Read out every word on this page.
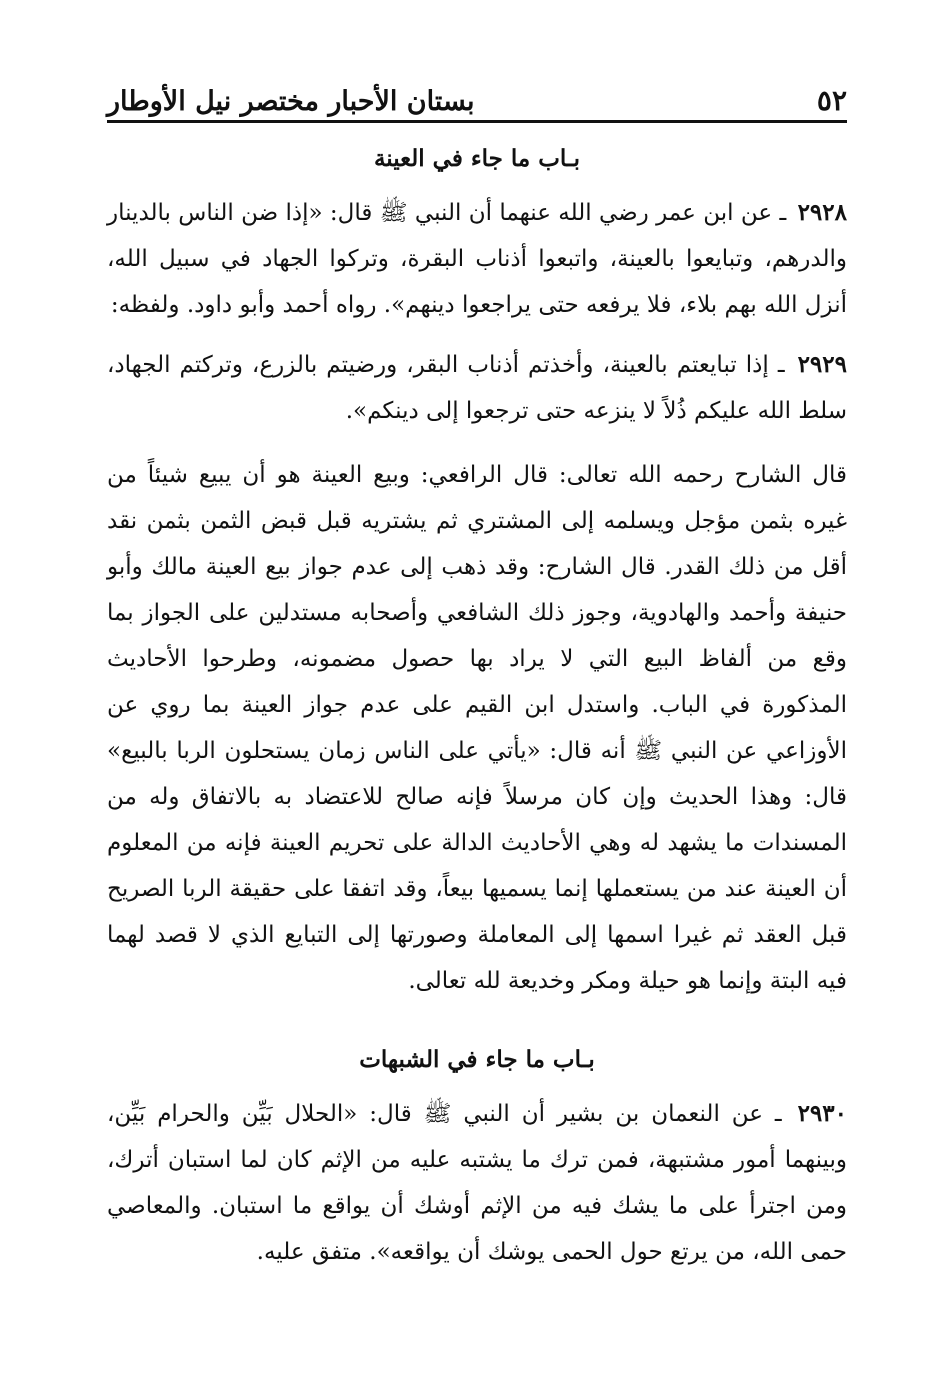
٥٢
بستان الأحبار مختصر نيل الأوطار
بـاب ما جاء في العينة

٢٩٢٨ ـ عن ابن عمر رضي الله عنهما أن النبي ﷺ قال: «إذا ضن الناس بالدينار والدرهم، وتبايعوا بالعينة، واتبعوا أذناب البقرة، وتركوا الجهاد في سبيل الله، أنزل الله بهم بلاء، فلا يرفعه حتى يراجعوا دينهم». رواه أحمد وأبو داود. ولفظه:

٢٩٢٩ ـ إذا تبايعتم بالعينة، وأخذتم أذناب البقر، ورضيتم بالزرع، وتركتم الجهاد، سلط الله عليكم ذُلاً لا ينزعه حتى ترجعوا إلى دينكم».

قال الشارح رحمه الله تعالى: قال الرافعي: وبيع العينة هو أن يبيع شيئاً من غيره بثمن مؤجل ويسلمه إلى المشتري ثم يشتريه قبل قبض الثمن بثمن نقد أقل من ذلك القدر. قال الشارح: وقد ذهب إلى عدم جواز بيع العينة مالك وأبو حنيفة وأحمد والهادوية، وجوز ذلك الشافعي وأصحابه مستدلين على الجواز بما وقع من ألفاظ البيع التي لا يراد بها حصول مضمونه، وطرحوا الأحاديث المذكورة في الباب. واستدل ابن القيم على عدم جواز العينة بما روي عن الأوزاعي عن النبي ﷺ أنه قال: «يأتي على الناس زمان يستحلون الربا بالبيع» قال: وهذا الحديث وإن كان مرسلاً فإنه صالح للاعتضاد به بالاتفاق وله من المسندات ما يشهد له وهي الأحاديث الدالة على تحريم العينة فإنه من المعلوم أن العينة عند من يستعملها إنما يسميها بيعاً، وقد اتفقا على حقيقة الربا الصريح قبل العقد ثم غيرا اسمها إلى المعاملة وصورتها إلى التبايع الذي لا قصد لهما فيه البتة وإنما هو حيلة ومكر وخديعة لله تعالى.

بـاب ما جاء في الشبهات

٢٩٣٠ ـ عن النعمان بن بشير أن النبي ﷺ قال: «الحلال بَيِّن والحرام بَيِّن، وبينهما أمور مشتبهة، فمن ترك ما يشتبه عليه من الإثم كان لما استبان أترك، ومن اجترأ على ما يشك فيه من الإثم أوشك أن يواقع ما استبان. والمعاصي حمى الله، من يرتع حول الحمى يوشك أن يواقعه». متفق عليه.
